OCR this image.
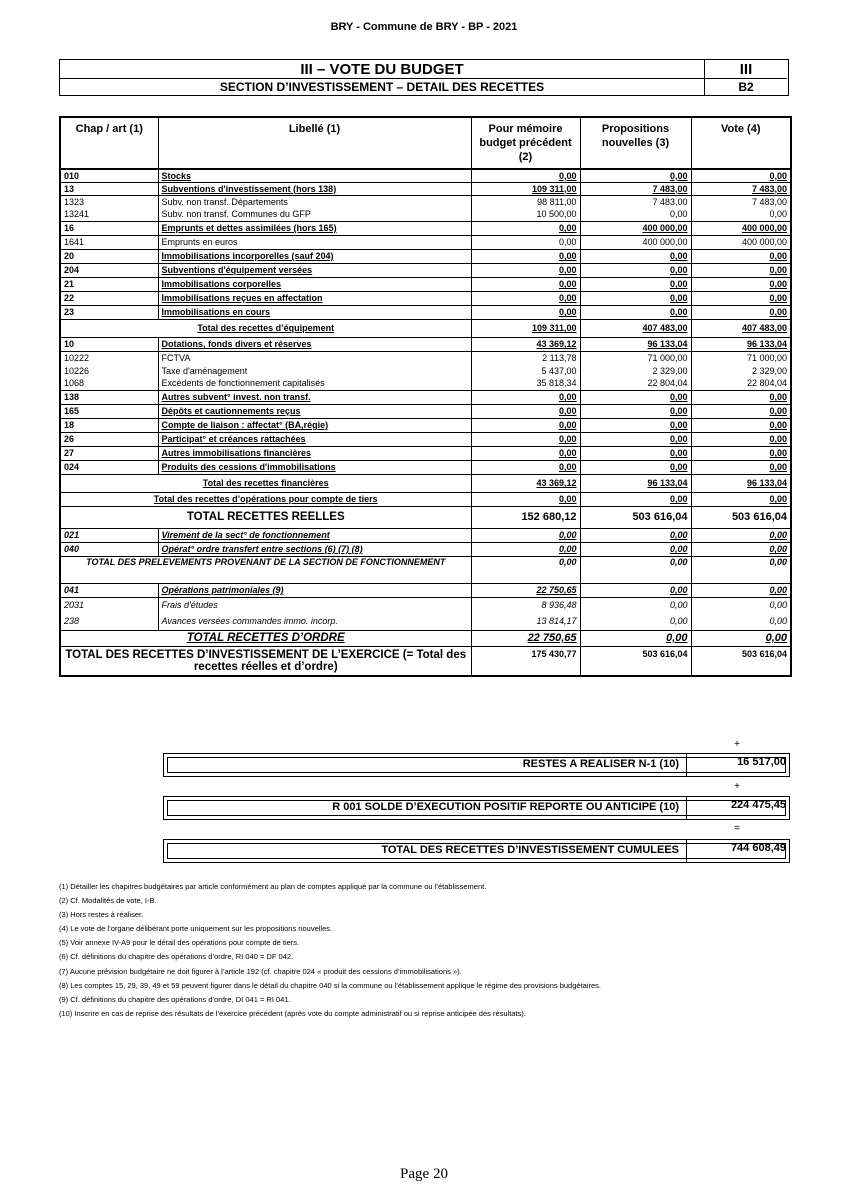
BRY - Commune de BRY - BP - 2021
III – VOTE DU BUDGET
SECTION D’INVESTISSEMENT – DETAIL DES RECETTES
III
B2
Chap / art (1)	Libellé (1)	Pour mémoire budget précédent (2)	Propositions nouvelles (3)	Vote (4)
010	Stocks	0,00	0,00	0,00
13	Subventions d'investissement (hors 138)	109 311,00	7 483,00	7 483,00
1323	Subv. non transf. Départements	98 811,00	7 483,00	7 483,00
13241	Subv. non transf. Communes du GFP	10 500,00	0,00	0,00
16	Emprunts et dettes assimilées (hors 165)	0,00	400 000,00	400 000,00
1641	Emprunts en euros	0,00	400 000,00	400 000,00
20	Immobilisations incorporelles (sauf 204)	0,00	0,00	0,00
204	Subventions d'équipement versées	0,00	0,00	0,00
21	Immobilisations corporelles	0,00	0,00	0,00
22	Immobilisations reçues en affectation	0,00	0,00	0,00
23	Immobilisations en cours	0,00	0,00	0,00
Total des recettes d’équipement		109 311,00	407 483,00	407 483,00
10	Dotations, fonds divers et réserves	43 369,12	96 133,04	96 133,04
10222	FCTVA	2 113,78	71 000,00	71 000,00
10226	Taxe d'aménagement	5 437,00	2 329,00	2 329,00
1068	Excédents de fonctionnement capitalisés	35 818,34	22 804,04	22 804,04
138	Autres subvent° invest. non transf.	0,00	0,00	0,00
165	Dépôts et cautionnements reçus	0,00	0,00	0,00
18	Compte de liaison : affectat° (BA,régie)	0,00	0,00	0,00
26	Participat° et créances rattachées	0,00	0,00	0,00
27	Autres immobilisations financières	0,00	0,00	0,00
024	Produits des cessions d'immobilisations	0,00	0,00	0,00
Total des recettes financières		43 369,12	96 133,04	96 133,04
Total des recettes d’opérations pour compte de tiers		0,00	0,00	0,00
TOTAL RECETTES REELLES		152 680,12	503 616,04	503 616,04
021	Virement de la sect° de fonctionnement	0,00	0,00	0,00
040	Opérat° ordre transfert entre sections (6) (7) (8)	0,00	0,00	0,00
TOTAL DES PRELEVEMENTS PROVENANT DE LA SECTION DE FONCTIONNEMENT		0,00	0,00	0,00
041	Opérations patrimoniales (9)	22 750,65	0,00	0,00
2031	Frais d'études	8 936,48	0,00	0,00
238	Avances versées commandes immo. incorp.	13 814,17	0,00	0,00
TOTAL RECETTES D’ORDRE		22 750,65	0,00	0,00
TOTAL DES RECETTES D’INVESTISSEMENT DE L’EXERCICE (= Total des recettes réelles et d’ordre)		175 430,77	503 616,04	503 616,04
+
RESTES A REALISER N-1 (10)	16 517,00
+
R 001 SOLDE D’EXECUTION POSITIF REPORTE OU ANTICIPE (10)	224 475,45
=
TOTAL DES RECETTES D’INVESTISSEMENT CUMULEES	744 608,49
(1) Détailler les chapitres budgétaires par article conformément au plan de comptes appliqué par la commune ou l’établissement.
(2) Cf. Modalités de vote, I-B.
(3) Hors restes à réaliser.
(4) Le vote de l’organe délibérant porte uniquement sur les propositions nouvelles.
(5) Voir annexe IV-A9 pour le détail des opérations pour compte de tiers.
(6) Cf. définitions du chapitre des opérations d’ordre, RI 040 = DF 042.
(7) Aucune prévision budgétaire ne doit figurer à l’article 192 (cf. chapitre 024 « produit des cessions d’immobilisations »).
(8) Les comptes 15, 29, 39, 49 et 59 peuvent figurer dans le détail du chapitre 040 si la commune ou l’établissement applique le régime des provisions budgétaires.
(9) Cf. définitions du chapitre des opérations d’ordre, DI 041 = RI 041.
(10) Inscrire en cas de reprise des résultats de l’exercice précédent (après vote du compte administratif ou si reprise anticipée des résultats).
Page 20
